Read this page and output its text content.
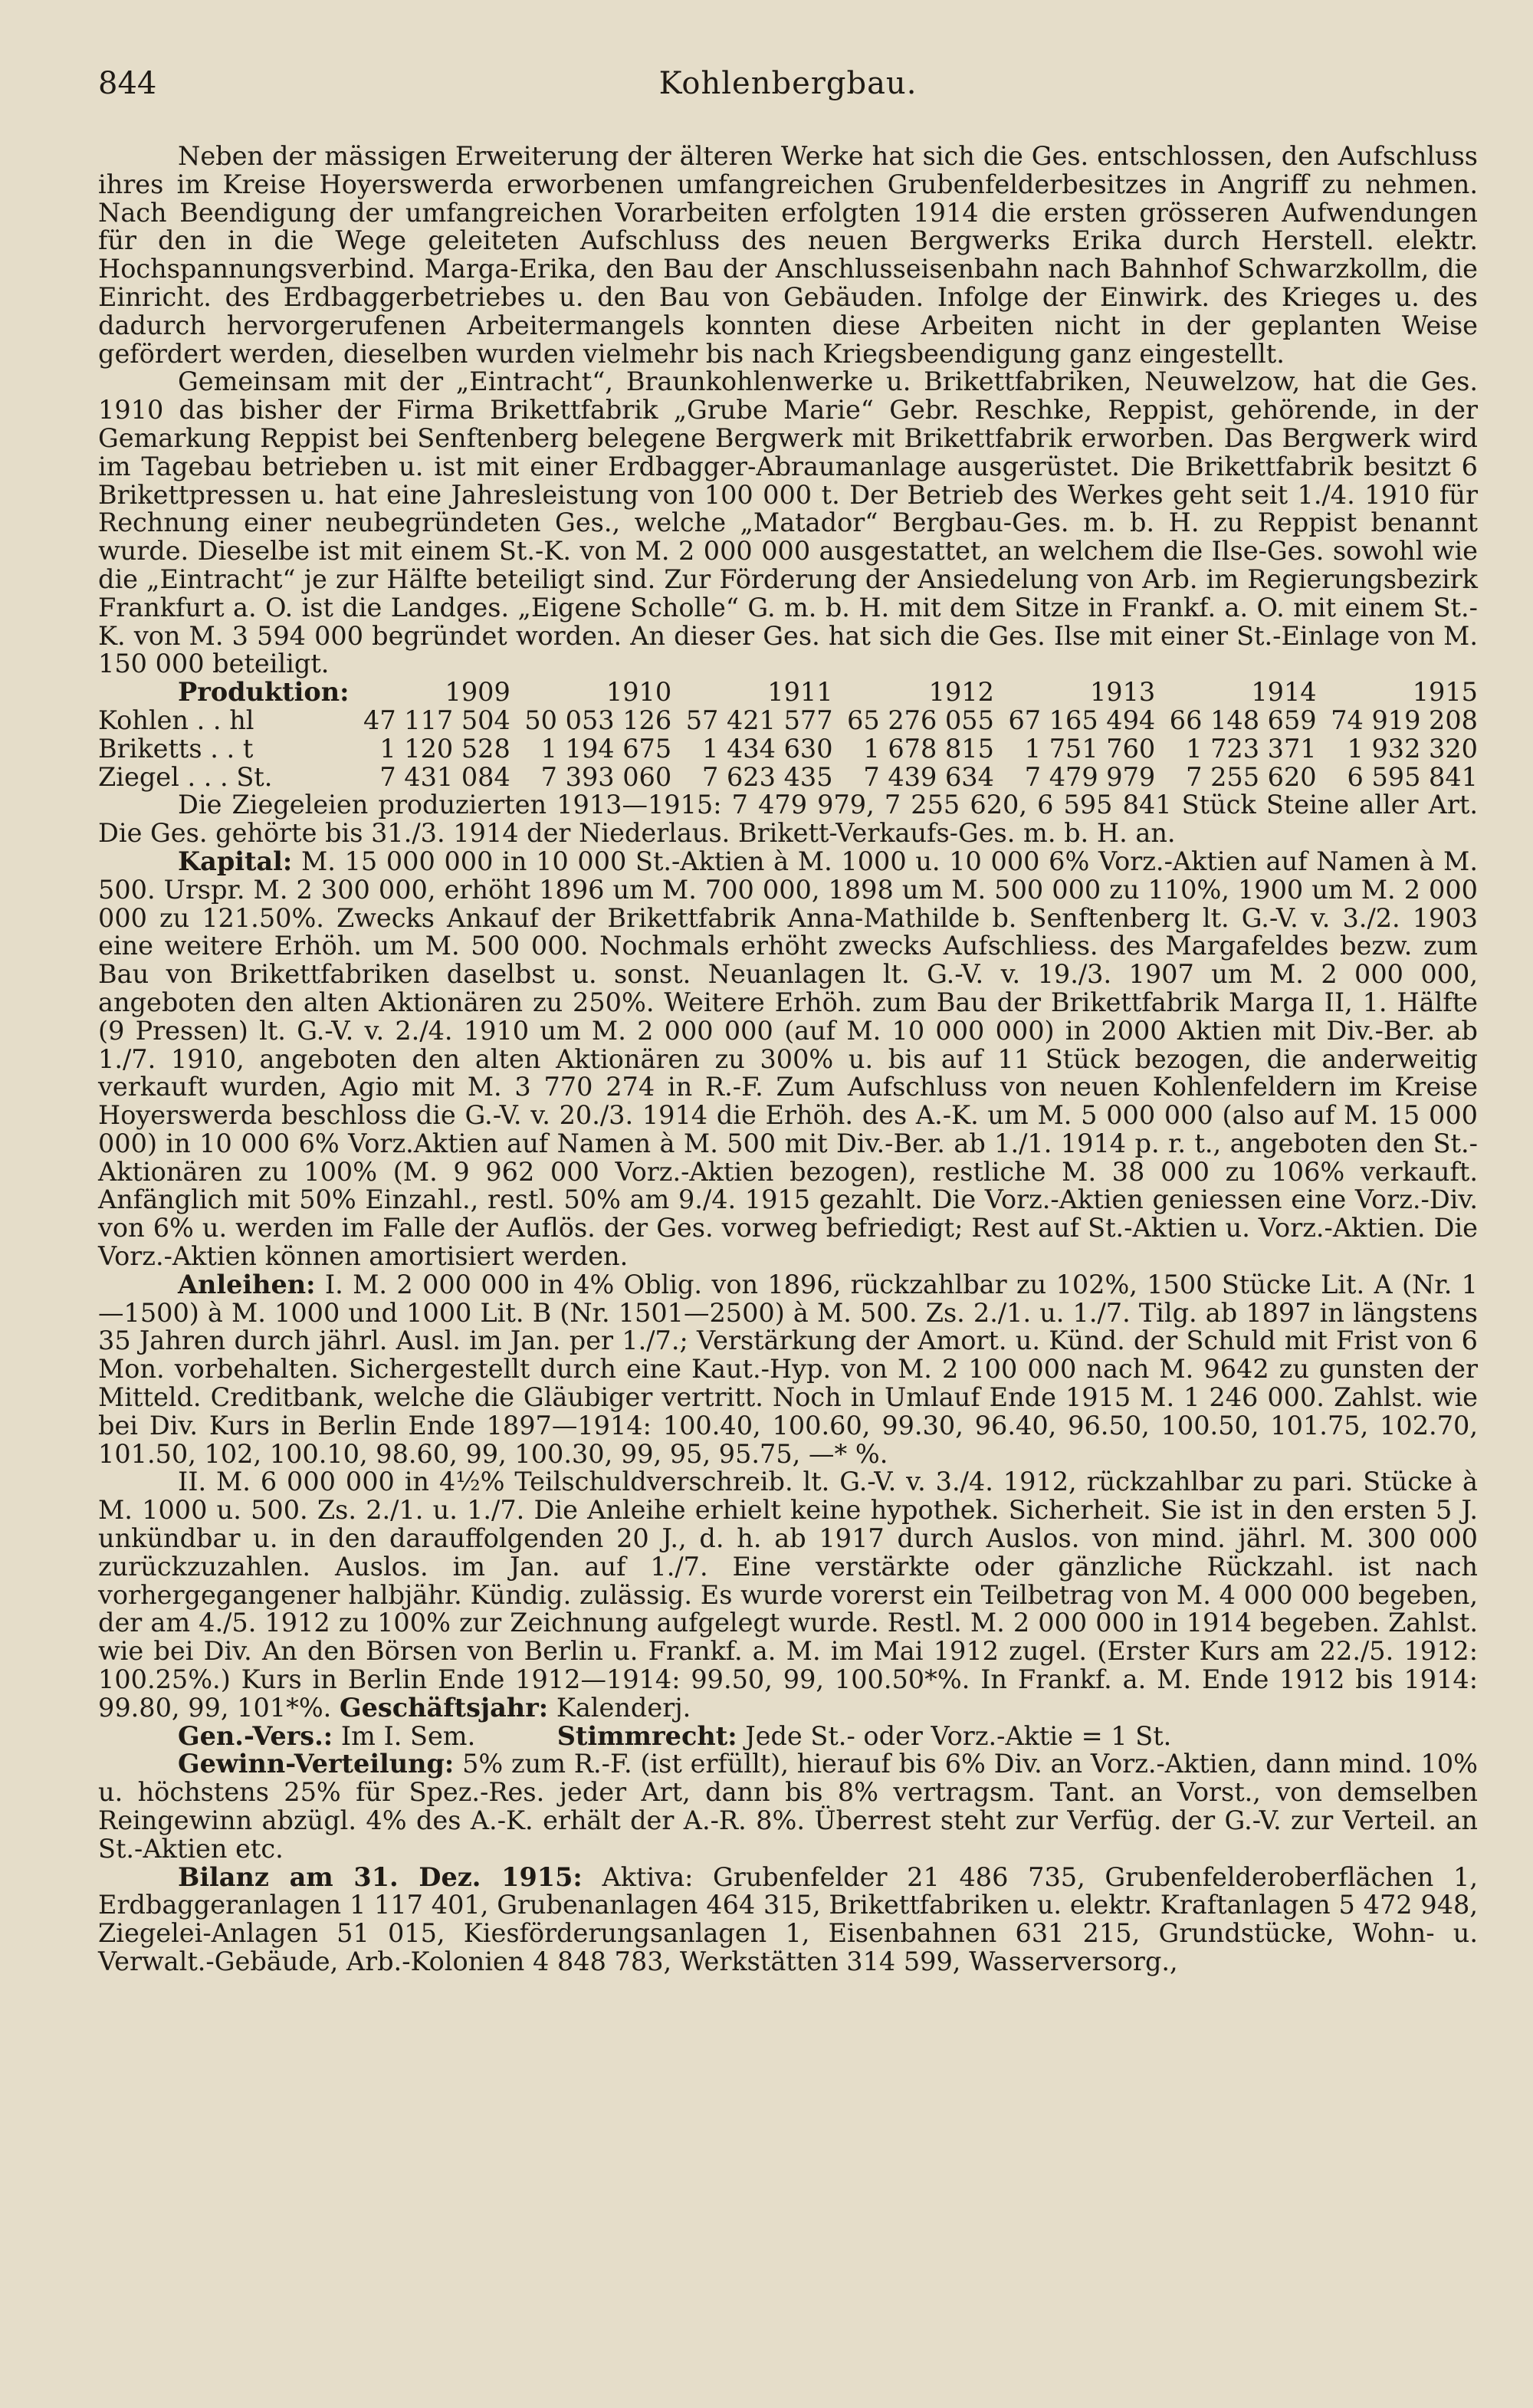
844	Kohlenbergbau.

Neben der mässigen Erweiterung der älteren Werke hat sich die Ges. entschlossen, den Aufschluss ihres im Kreise Hoyerswerda erworbenen umfangreichen Grubenfelderbesitzes in Angriff zu nehmen. Nach Beendigung der umfangreichen Vorarbeiten erfolgten 1914 die ersten grösseren Aufwendungen für den in die Wege geleiteten Aufschluss des neuen Bergwerks Erika durch Herstell. elektr. Hochspannungsverbind. Marga-Erika, den Bau der Anschlusseisenbahn nach Bahnhof Schwarzkollm, die Einricht. des Erdbaggerbetriebes u. den Bau von Gebäuden. Infolge der Einwirk. des Krieges u. des dadurch hervorgerufenen Arbeitermangels konnten diese Arbeiten nicht in der geplanten Weise gefördert werden, dieselben wurden vielmehr bis nach Kriegsbeendigung ganz eingestellt.

Gemeinsam mit der „Eintracht“, Braunkohlenwerke u. Brikettfabriken, Neuwelzow, hat die Ges. 1910 das bisher der Firma Brikettfabrik „Grube Marie“ Gebr. Reschke, Reppist, gehörende, in der Gemarkung Reppist bei Senftenberg belegene Bergwerk mit Brikettfabrik erworben. Das Bergwerk wird im Tagebau betrieben u. ist mit einer Erdbagger-Abraumanlage ausgerüstet. Die Brikettfabrik besitzt 6 Brikettpressen u. hat eine Jahresleistung von 100 000 t. Der Betrieb des Werkes geht seit 1./4. 1910 für Rechnung einer neubegründeten Ges., welche „Matador“ Bergbau-Ges. m. b. H. zu Reppist benannt wurde. Dieselbe ist mit einem St.-K. von M. 2 000 000 ausgestattet, an welchem die Ilse-Ges. sowohl wie die „Eintracht“ je zur Hälfte beteiligt sind. Zur Förderung der Ansiedelung von Arb. im Regierungsbezirk Frankfurt a. O. ist die Landges. „Eigene Scholle“ G. m. b. H. mit dem Sitze in Frankf. a. O. mit einem St.-K. von M. 3 594 000 begründet worden. An dieser Ges. hat sich die Ges. Ilse mit einer St.-Einlage von M. 150 000 beteiligt.

Produktion:	1909	1910	1911	1912	1913	1914	1915
Kohlen . . hl	47 117 504	50 053 126	57 421 577	65 276 055	67 165 494	66 148 659	74 919 208
Briketts . . t	1 120 528	1 194 675	1 434 630	1 678 815	1 751 760	1 723 371	1 932 320
Ziegel . . . St.	7 431 084	7 393 060	7 623 435	7 439 634	7 479 979	7 255 620	6 595 841

Die Ziegeleien produzierten 1913—1915: 7 479 979, 7 255 620, 6 595 841 Stück Steine aller Art. Die Ges. gehörte bis 31./3. 1914 der Niederlaus. Brikett-Verkaufs-Ges. m. b. H. an.

Kapital: M. 15 000 000 in 10 000 St.-Aktien à M. 1000 u. 10 000 6% Vorz.-Aktien auf Namen à M. 500. Urspr. M. 2 300 000, erhöht 1896 um M. 700 000, 1898 um M. 500 000 zu 110%, 1900 um M. 2 000 000 zu 121.50%. Zwecks Ankauf der Brikettfabrik Anna-Mathilde b. Senftenberg lt. G.-V. v. 3./2. 1903 eine weitere Erhöh. um M. 500 000. Nochmals erhöht zwecks Aufschliess. des Margafeldes bezw. zum Bau von Brikettfabriken daselbst u. sonst. Neuanlagen lt. G.-V. v. 19./3. 1907 um M. 2 000 000, angeboten den alten Aktionären zu 250%. Weitere Erhöh. zum Bau der Brikettfabrik Marga II, 1. Hälfte (9 Pressen) lt. G.-V. v. 2./4. 1910 um M. 2 000 000 (auf M. 10 000 000) in 2000 Aktien mit Div.-Ber. ab 1./7. 1910, angeboten den alten Aktionären zu 300% u. bis auf 11 Stück bezogen, die anderweitig verkauft wurden, Agio mit M. 3 770 274 in R.-F. Zum Aufschluss von neuen Kohlenfeldern im Kreise Hoyerswerda beschloss die G.-V. v. 20./3. 1914 die Erhöh. des A.-K. um M. 5 000 000 (also auf M. 15 000 000) in 10 000 6% Vorz.Aktien auf Namen à M. 500 mit Div.-Ber. ab 1./1. 1914 p. r. t., angeboten den St.-Aktionären zu 100% (M. 9 962 000 Vorz.-Aktien bezogen), restliche M. 38 000 zu 106% verkauft. Anfänglich mit 50% Einzahl., restl. 50% am 9./4. 1915 gezahlt. Die Vorz.-Aktien geniessen eine Vorz.-Div. von 6% u. werden im Falle der Auflös. der Ges. vorweg befriedigt; Rest auf St.-Aktien u. Vorz.-Aktien. Die Vorz.-Aktien können amortisiert werden.

Anleihen: I. M. 2 000 000 in 4% Oblig. von 1896, rückzahlbar zu 102%, 1500 Stücke Lit. A (Nr. 1—1500) à M. 1000 und 1000 Lit. B (Nr. 1501—2500) à M. 500. Zs. 2./1. u. 1./7. Tilg. ab 1897 in längstens 35 Jahren durch jährl. Ausl. im Jan. per 1./7.; Verstärkung der Amort. u. Künd. der Schuld mit Frist von 6 Mon. vorbehalten. Sichergestellt durch eine Kaut.-Hyp. von M. 2 100 000 nach M. 9642 zu gunsten der Mitteld. Creditbank, welche die Gläubiger vertritt. Noch in Umlauf Ende 1915 M. 1 246 000. Zahlst. wie bei Div. Kurs in Berlin Ende 1897—1914: 100.40, 100.60, 99.30, 96.40, 96.50, 100.50, 101.75, 102.70, 101.50, 102, 100.10, 98.60, 99, 100.30, 99, 95, 95.75, —* %.

II. M. 6 000 000 in 4½% Teilschuldverschreib. lt. G.-V. v. 3./4. 1912, rückzahlbar zu pari. Stücke à M. 1000 u. 500. Zs. 2./1. u. 1./7. Die Anleihe erhielt keine hypothek. Sicherheit. Sie ist in den ersten 5 J. unkündbar u. in den darauffolgenden 20 J., d. h. ab 1917 durch Auslos. von mind. jährl. M. 300 000 zurückzuzahlen. Auslos. im Jan. auf 1./7. Eine verstärkte oder gänzliche Rückzahl. ist nach vorhergegangener halbjähr. Kündig. zulässig. Es wurde vorerst ein Teilbetrag von M. 4 000 000 begeben, der am 4./5. 1912 zu 100% zur Zeichnung aufgelegt wurde. Restl. M. 2 000 000 in 1914 begeben. Zahlst. wie bei Div. An den Börsen von Berlin u. Frankf. a. M. im Mai 1912 zugel. (Erster Kurs am 22./5. 1912: 100.25%.) Kurs in Berlin Ende 1912—1914: 99.50, 99, 100.50*%. In Frankf. a. M. Ende 1912 bis 1914: 99.80, 99, 101*%. Geschäftsjahr: Kalenderj.

Gen.-Vers.: Im I. Sem.	Stimmrecht: Jede St.- oder Vorz.-Aktie = 1 St.

Gewinn-Verteilung: 5% zum R.-F. (ist erfüllt), hierauf bis 6% Div. an Vorz.-Aktien, dann mind. 10% u. höchstens 25% für Spez.-Res. jeder Art, dann bis 8% vertragsm. Tant. an Vorst., von demselben Reingewinn abzügl. 4% des A.-K. erhält der A.-R. 8%. Überrest steht zur Verfüg. der G.-V. zur Verteil. an St.-Aktien etc.

Bilanz am 31. Dez. 1915: Aktiva: Grubenfelder 21 486 735, Grubenfelderoberflächen 1, Erdbaggeranlagen 1 117 401, Grubenanlagen 464 315, Brikettfabriken u. elektr. Kraftanlagen 5 472 948, Ziegelei-Anlagen 51 015, Kiesförderungsanlagen 1, Eisenbahnen 631 215, Grundstücke, Wohn- u. Verwalt.-Gebäude, Arb.-Kolonien 4 848 783, Werkstätten 314 599, Wasserversorg.,
